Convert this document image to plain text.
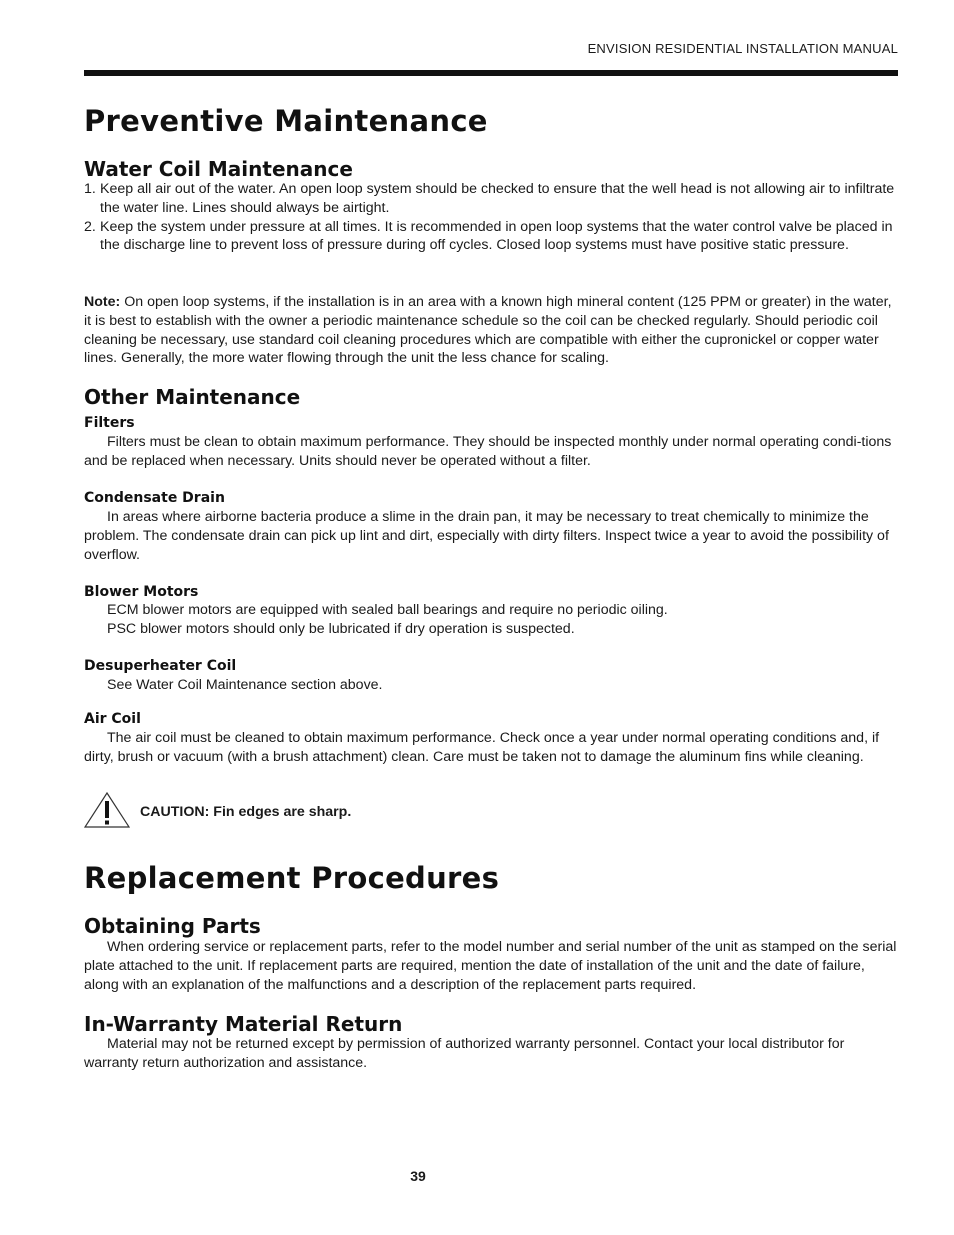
ENVISION RESIDENTIAL INSTALLATION MANUAL
Preventive Maintenance
Water Coil Maintenance
1. Keep all air out of the water. An open loop system should be checked to ensure that the well head is not allowing air to infiltrate the water line. Lines should always be airtight.
2. Keep the system under pressure at all times. It is recommended in open loop systems that the water control valve be placed in the discharge line to prevent loss of pressure during off cycles. Closed loop systems must have positive static pressure.

Note: On open loop systems, if the installation is in an area with a known high mineral content (125 PPM or greater) in the water, it is best to establish with the owner a periodic maintenance schedule so the coil can be checked regularly. Should periodic coil cleaning be necessary, use standard coil cleaning procedures which are compatible with either the cupronickel or copper water lines. Generally, the more water flowing through the unit the less chance for scaling.

Other Maintenance
Filters

Filters must be clean to obtain maximum performance. They should be inspected monthly under normal operating condi-tions and be replaced when necessary. Units should never be operated without a filter.

Condensate Drain

In areas where airborne bacteria produce a slime in the drain pan, it may be necessary to treat chemically to minimize the problem. The condensate drain can pick up lint and dirt, especially with dirty filters. Inspect twice a year to avoid the possibility of overflow.

Blower Motors

ECM blower motors are equipped with sealed ball bearings and require no periodic oiling.

PSC blower motors should only be lubricated if dry operation is suspected.

Desuperheater Coil

See Water Coil Maintenance section above.

Air Coil

The air coil must be cleaned to obtain maximum performance. Check once a year under normal operating conditions and, if dirty, brush or vacuum (with a brush attachment) clean. Care must be taken not to damage the aluminum fins while cleaning.

CAUTION: Fin edges are sharp.
Replacement Procedures
Obtaining Parts

When ordering service or replacement parts, refer to the model number and serial number of the unit as stamped on the serial plate attached to the unit. If replacement parts are required, mention the date of installation of the unit and the date of failure, along with an explanation of the malfunctions and a description of the replacement parts required.

In-Warranty Material Return

Material may not be returned except by permission of authorized warranty personnel. Contact your local distributor for warranty return authorization and assistance.

39
